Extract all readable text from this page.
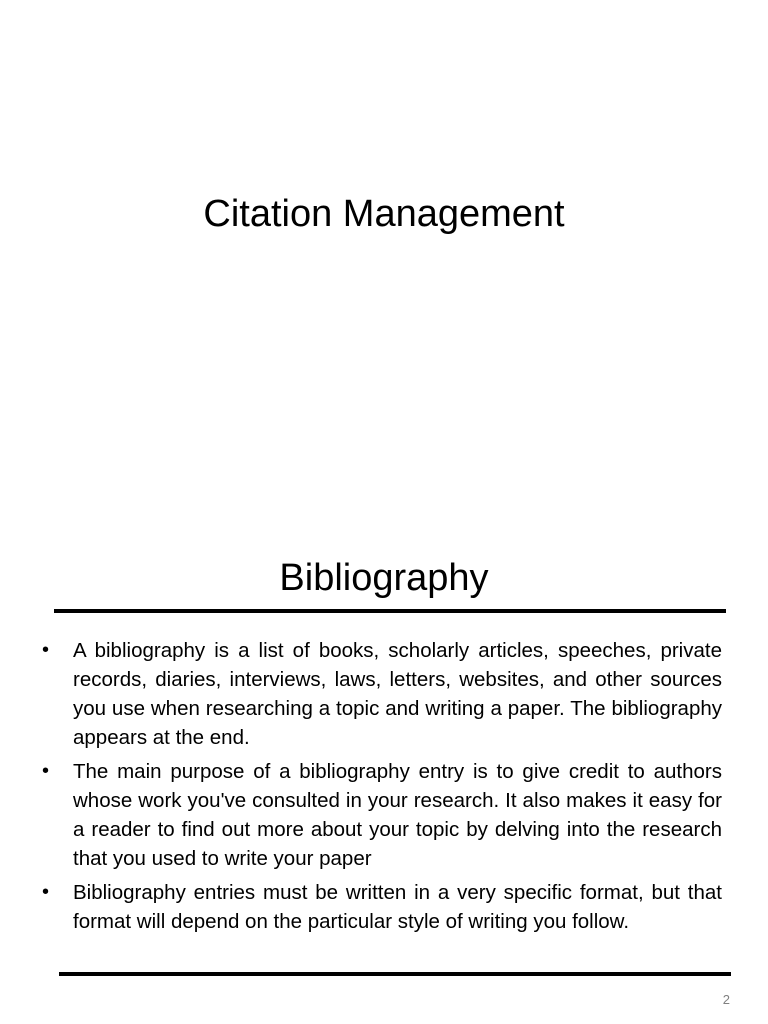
Citation Management
Bibliography
•	A bibliography is a list of books, scholarly articles, speeches, private records, diaries, interviews, laws, letters, websites, and other sources you use when researching a topic and writing a paper. The bibliography appears at the end.
•	The main purpose of a bibliography entry is to give credit to authors whose work you've consulted in your research. It also makes it easy for a reader to find out more about your topic by delving into the research that you used to write your paper
•	Bibliography entries must be written in a very specific format, but that format will depend on the particular style of writing you follow.
2
